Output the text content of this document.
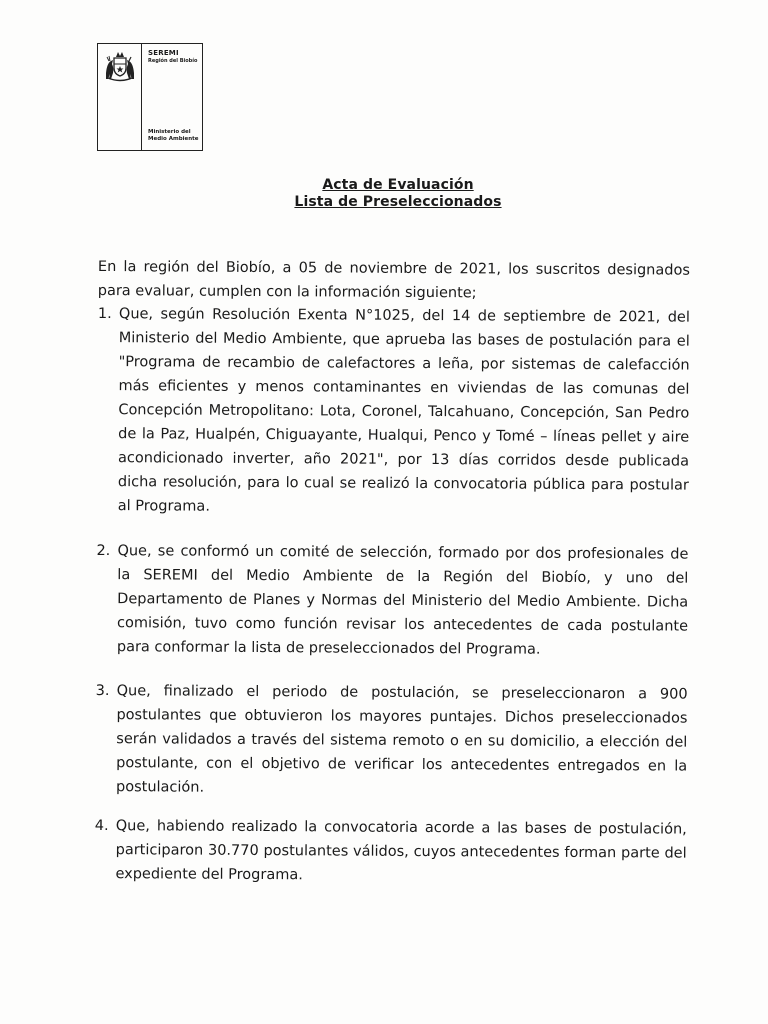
SEREMI
Región del Biobío
Ministerio del
Medio Ambiente
Acta de Evaluación
Lista de Preseleccionados

En la región del Biobío, a 05 de noviembre de 2021, los suscritos designados para evaluar, cumplen con la información siguiente;

1. Que, según Resolución Exenta N°1025, del 14 de septiembre de 2021, del Ministerio del Medio Ambiente, que aprueba las bases de postulación para el "Programa de recambio de calefactores a leña, por sistemas de calefacción más eficientes y menos contaminantes en viviendas de las comunas del Concepción Metropolitano: Lota, Coronel, Talcahuano, Concepción, San Pedro de la Paz, Hualpén, Chiguayante, Hualqui, Penco y Tomé – líneas pellet y aire acondicionado inverter, año 2021", por 13 días corridos desde publicada dicha resolución, para lo cual se realizó la convocatoria pública para postular al Programa.
2. Que, se conformó un comité de selección, formado por dos profesionales de la SEREMI del Medio Ambiente de la Región del Biobío, y uno del Departamento de Planes y Normas del Ministerio del Medio Ambiente. Dicha comisión, tuvo como función revisar los antecedentes de cada postulante para conformar la lista de preseleccionados del Programa.
3. Que, finalizado el periodo de postulación, se preseleccionaron a 900 postulantes que obtuvieron los mayores puntajes. Dichos preseleccionados serán validados a través del sistema remoto o en su domicilio, a elección del postulante, con el objetivo de verificar los antecedentes entregados en la postulación.
4. Que, habiendo realizado la convocatoria acorde a las bases de postulación, participaron 30.770 postulantes válidos, cuyos antecedentes forman parte del expediente del Programa.
